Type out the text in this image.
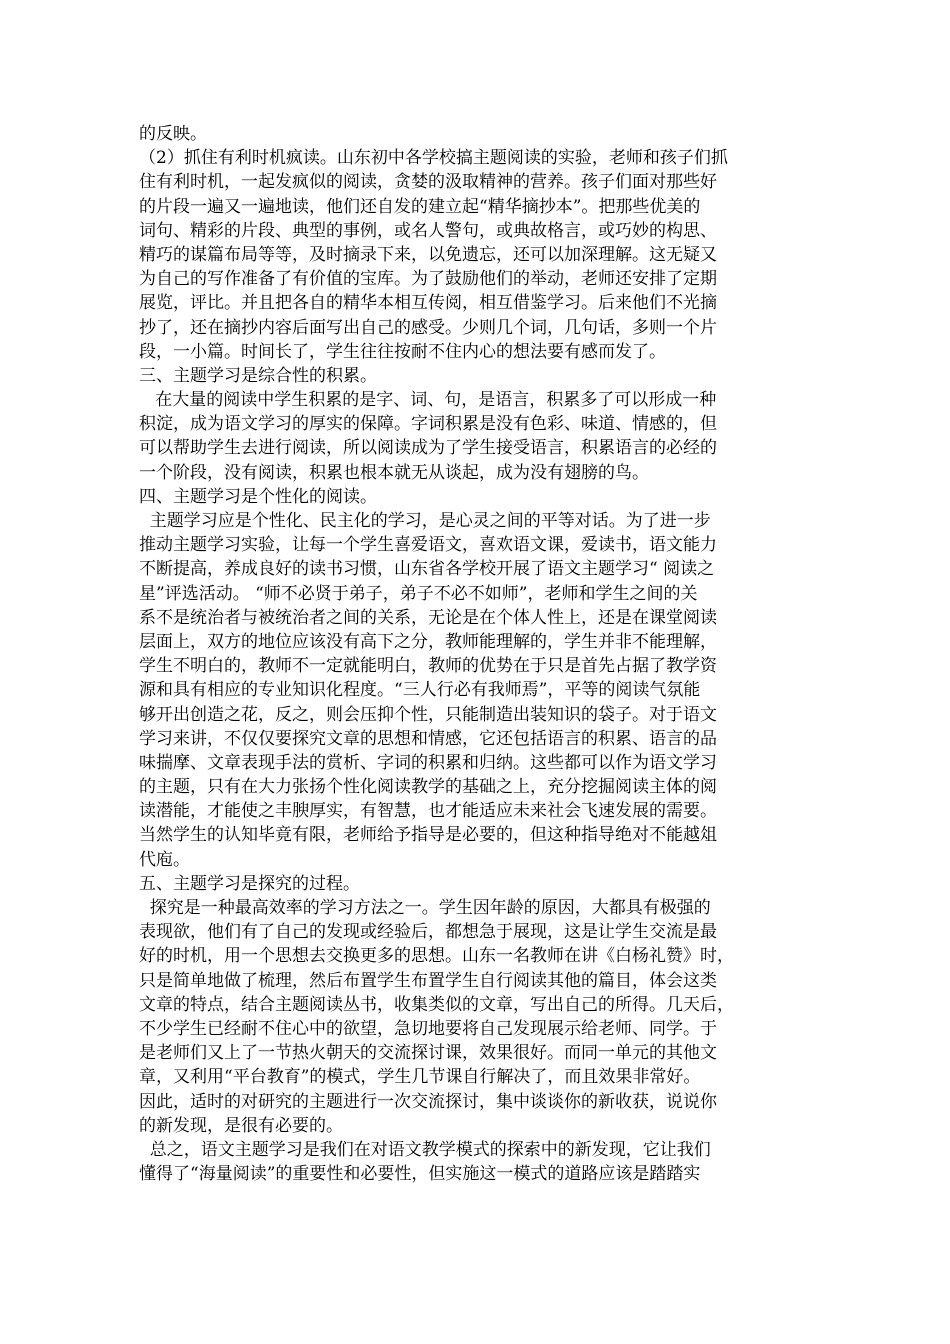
的反映。
（2）抓住有利时机疯读。山东初中各学校搞主题阅读的实验，老师和孩子们抓
住有利时机，一起发疯似的阅读，贪婪的汲取精神的营养。孩子们面对那些好
的片段一遍又一遍地读，他们还自发的建立起“精华摘抄本”。把那些优美的
词句、精彩的片段、典型的事例，或名人警句，或典故格言，或巧妙的构思、
精巧的谋篇布局等等，及时摘录下来，以免遗忘，还可以加深理解。这无疑又
为自己的写作准备了有价值的宝库。为了鼓励他们的举动，老师还安排了定期
展览，评比。并且把各自的精华本相互传阅，相互借鉴学习。后来他们不光摘
抄了，还在摘抄内容后面写出自己的感受。少则几个词，几句话，多则一个片
段，一小篇。时间长了，学生往往按耐不住内心的想法要有感而发了。
三、主题学习是综合性的积累。
在大量的阅读中学生积累的是字、词、句，是语言，积累多了可以形成一种
积淀，成为语文学习的厚实的保障。字词积累是没有色彩、味道、情感的，但
可以帮助学生去进行阅读，所以阅读成为了学生接受语言，积累语言的必经的
一个阶段，没有阅读，积累也根本就无从谈起，成为没有翅膀的鸟。
四、主题学习是个性化的阅读。
主题学习应是个性化、民主化的学习，是心灵之间的平等对话。为了进一步
推动主题学习实验，让每一个学生喜爱语文，喜欢语文课，爱读书，语文能力
不断提高，养成良好的读书习惯，山东省各学校开展了语文主题学习“ 阅读之
星”评选活动。 “师不必贤于弟子，弟子不必不如师”，老师和学生之间的关
系不是统治者与被统治者之间的关系，无论是在个体人性上，还是在课堂阅读
层面上，双方的地位应该没有高下之分，教师能理解的，学生并非不能理解，
学生不明白的，教师不一定就能明白，教师的优势在于只是首先占据了教学资
源和具有相应的专业知识化程度。“三人行必有我师焉”，平等的阅读气氛能
够开出创造之花，反之，则会压抑个性，只能制造出装知识的袋子。对于语文
学习来讲，不仅仅要探究文章的思想和情感，它还包括语言的积累、语言的品
味揣摩、文章表现手法的赏析、字词的积累和归纳。这些都可以作为语文学习
的主题，只有在大力张扬个性化阅读教学的基础之上，充分挖掘阅读主体的阅
读潜能，才能使之丰腴厚实，有智慧，也才能适应未来社会飞速发展的需要。
当然学生的认知毕竟有限，老师给予指导是必要的，但这种指导绝对不能越俎
代庖。
五、主题学习是探究的过程。
探究是一种最高效率的学习方法之一。学生因年龄的原因，大都具有极强的
表现欲，他们有了自己的发现或经验后，都想急于展现，这是让学生交流是最
好的时机，用一个思想去交换更多的思想。山东一名教师在讲《白杨礼赞》时，
只是简单地做了梳理，然后布置学生布置学生自行阅读其他的篇目，体会这类
文章的特点，结合主题阅读丛书，收集类似的文章，写出自己的所得。几天后，
不少学生已经耐不住心中的欲望，急切地要将自己发现展示给老师、同学。于
是老师们又上了一节热火朝天的交流探讨课，效果很好。而同一单元的其他文
章，又利用“平台教育”的模式，学生几节课自行解决了，而且效果非常好。
因此，适时的对研究的主题进行一次交流探讨，集中谈谈你的新收获，说说你
的新发现，是很有必要的。
总之，语文主题学习是我们在对语文教学模式的探索中的新发现，它让我们
懂得了“海量阅读”的重要性和必要性，但实施这一模式的道路应该是踏踏实
